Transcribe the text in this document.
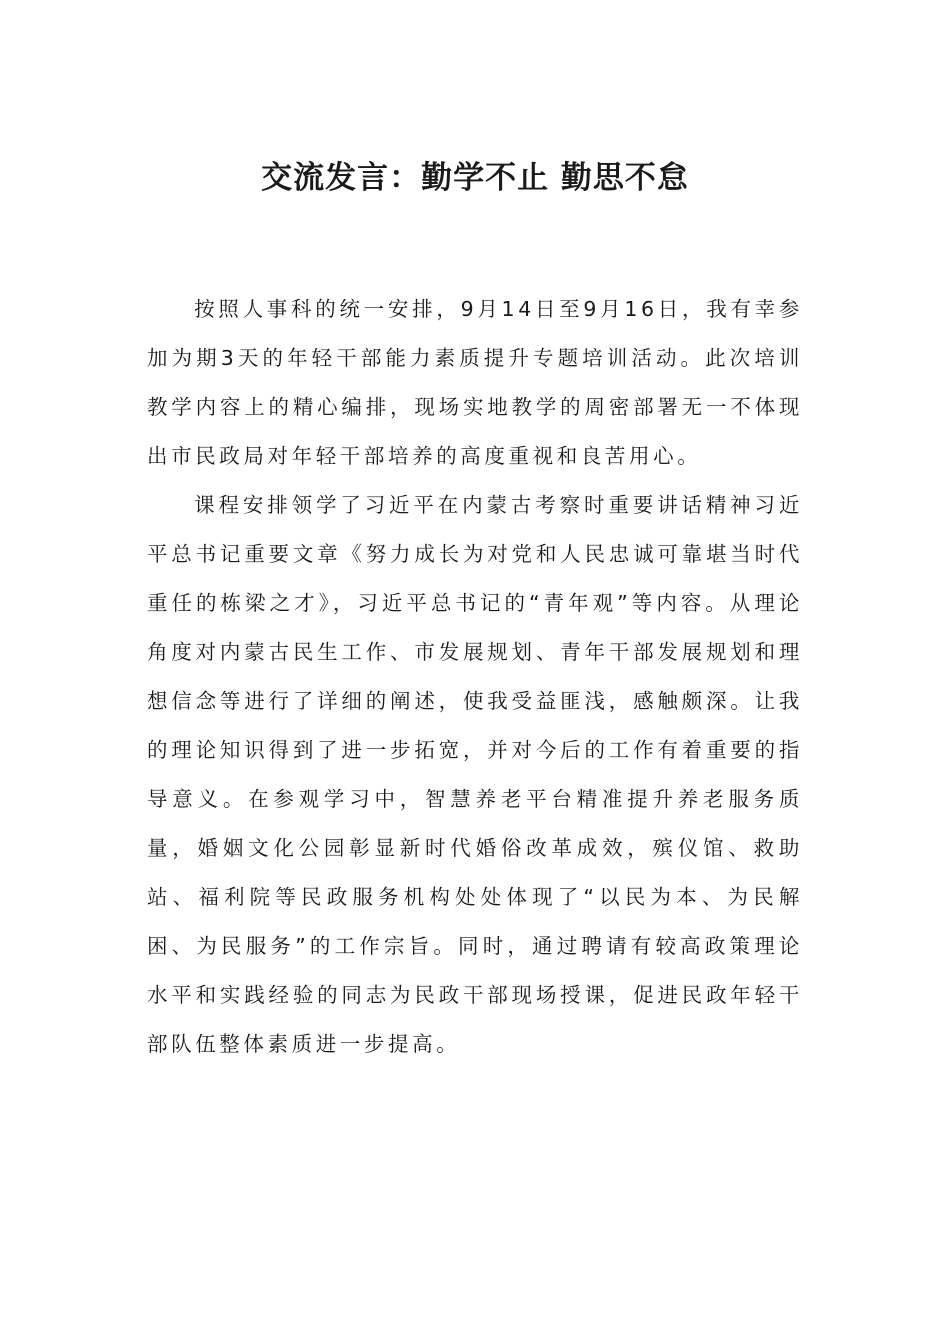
交流发言：勤学不止 勤思不怠

按照人事科的统一安排，9月14日至9月16日，我有幸参加为期3天的年轻干部能力素质提升专题培训活动。此次培训教学内容上的精心编排，现场实地教学的周密部署无一不体现出市民政局对年轻干部培养的高度重视和良苦用心。

课程安排领学了习近平在内蒙古考察时重要讲话精神习近平总书记重要文章《努力成长为对党和人民忠诚可靠堪当时代重任的栋梁之才》，习近平总书记的“青年观”等内容。从理论角度对内蒙古民生工作、市发展规划、青年干部发展规划和理想信念等进行了详细的阐述，使我受益匪浅，感触颇深。让我的理论知识得到了进一步拓宽，并对今后的工作有着重要的指导意义。在参观学习中，智慧养老平台精准提升养老服务质量，婚姻文化公园彰显新时代婚俗改革成效，殡仪馆、救助站、福利院等民政服务机构处处体现了“以民为本、为民解困、为民服务”的工作宗旨。同时，通过聘请有较高政策理论水平和实践经验的同志为民政干部现场授课，促进民政年轻干部队伍整体素质进一步提高。
